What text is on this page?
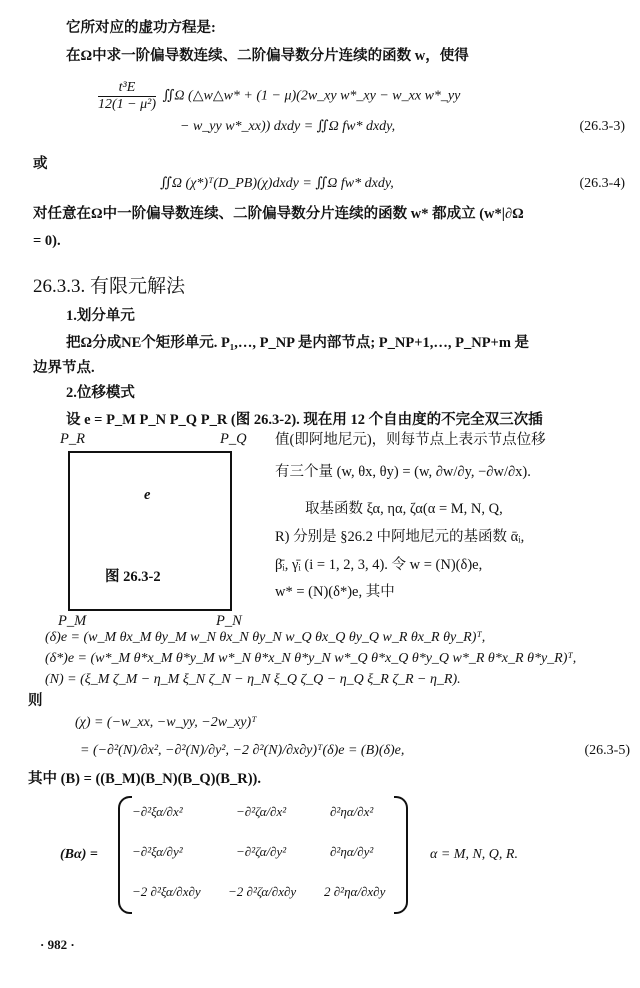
它所对应的虚功方程是:
在Ω中求一阶偏导数连续、二阶偏导数分片连续的函数 w，使得
$\frac{\text{t³E}}{\text{12(1 − μ²)}}$ ∬Ω (△w△w* + (1 − μ)(2w_xy w*_xy − w_xx w*_yy
− w_yy w*_xx)) dxdy = ∬Ω fw* dxdy,	(26.3-3)
或
∬Ω (χ*)ᵀ(D_PB)(χ)dxdy = ∬Ω fw* dxdy,	(26.3-4)
对任意在Ω中一阶偏导数连续、二阶偏导数分片连续的函数 w* 都成立 (w*|∂Ω
= 0).
26.3.3. 有限元解法
1.划分单元
把Ω分成NE个矩形单元. P₁,…, P_NP 是内部节点; P_NP+1,…, P_NP+m 是
边界节点.
2.位移模式
设 e = P_M P_N P_Q P_R (图 26.3-2). 现在用 12 个自由度的不完全双三次插
P_R	P_Q
P_M	P_N
e
图 26.3-2
值(即阿地尼元)，则每节点上表示节点位移
有三个量 (w, θx, θy) = (w, ∂w/∂y, −∂w/∂x).
取基函数 ξα, ηα, ζα(α = M, N, Q,
R) 分别是 §26.2 中阿地尼元的基函数 ᾱᵢ,
β̄ᵢ, γ̄ᵢ (i = 1, 2, 3, 4). 令 w = (N)(δ)e,
w* = (N)(δ*)e, 其中
(δ)e = (w_M θx_M θy_M w_N θx_N θy_N w_Q θx_Q θy_Q w_R θx_R θy_R)ᵀ,
(δ*)e = (w*_M θ*x_M θ*y_M w*_N θ*x_N θ*y_N w*_Q θ*x_Q θ*y_Q w*_R θ*x_R θ*y_R)ᵀ,
(N) = (ξ_M ζ_M − η_M ξ_N ζ_N − η_N ξ_Q ζ_Q − η_Q ξ_R ζ_R − η_R).
则
(χ) = (−w_xx, −w_yy, −2w_xy)ᵀ
= (−∂²(N)/∂x², −∂²(N)/∂y², −2 ∂²(N)/∂x∂y)ᵀ(δ)e = (B)(δ)e,	(26.3-5)
其中 (B) = ((B_M)(B_N)(B_Q)(B_R)).
(Bα) =
−∂²ξα/∂x²	−∂²ζα/∂x²	∂²ηα/∂x²
−∂²ξα/∂y²	−∂²ζα/∂y²	∂²ηα/∂y²
−2 ∂²ξα/∂x∂y −2 ∂²ζα/∂x∂y 2 ∂²ηα/∂x∂y
α = M, N, Q, R.
· 982 ·
